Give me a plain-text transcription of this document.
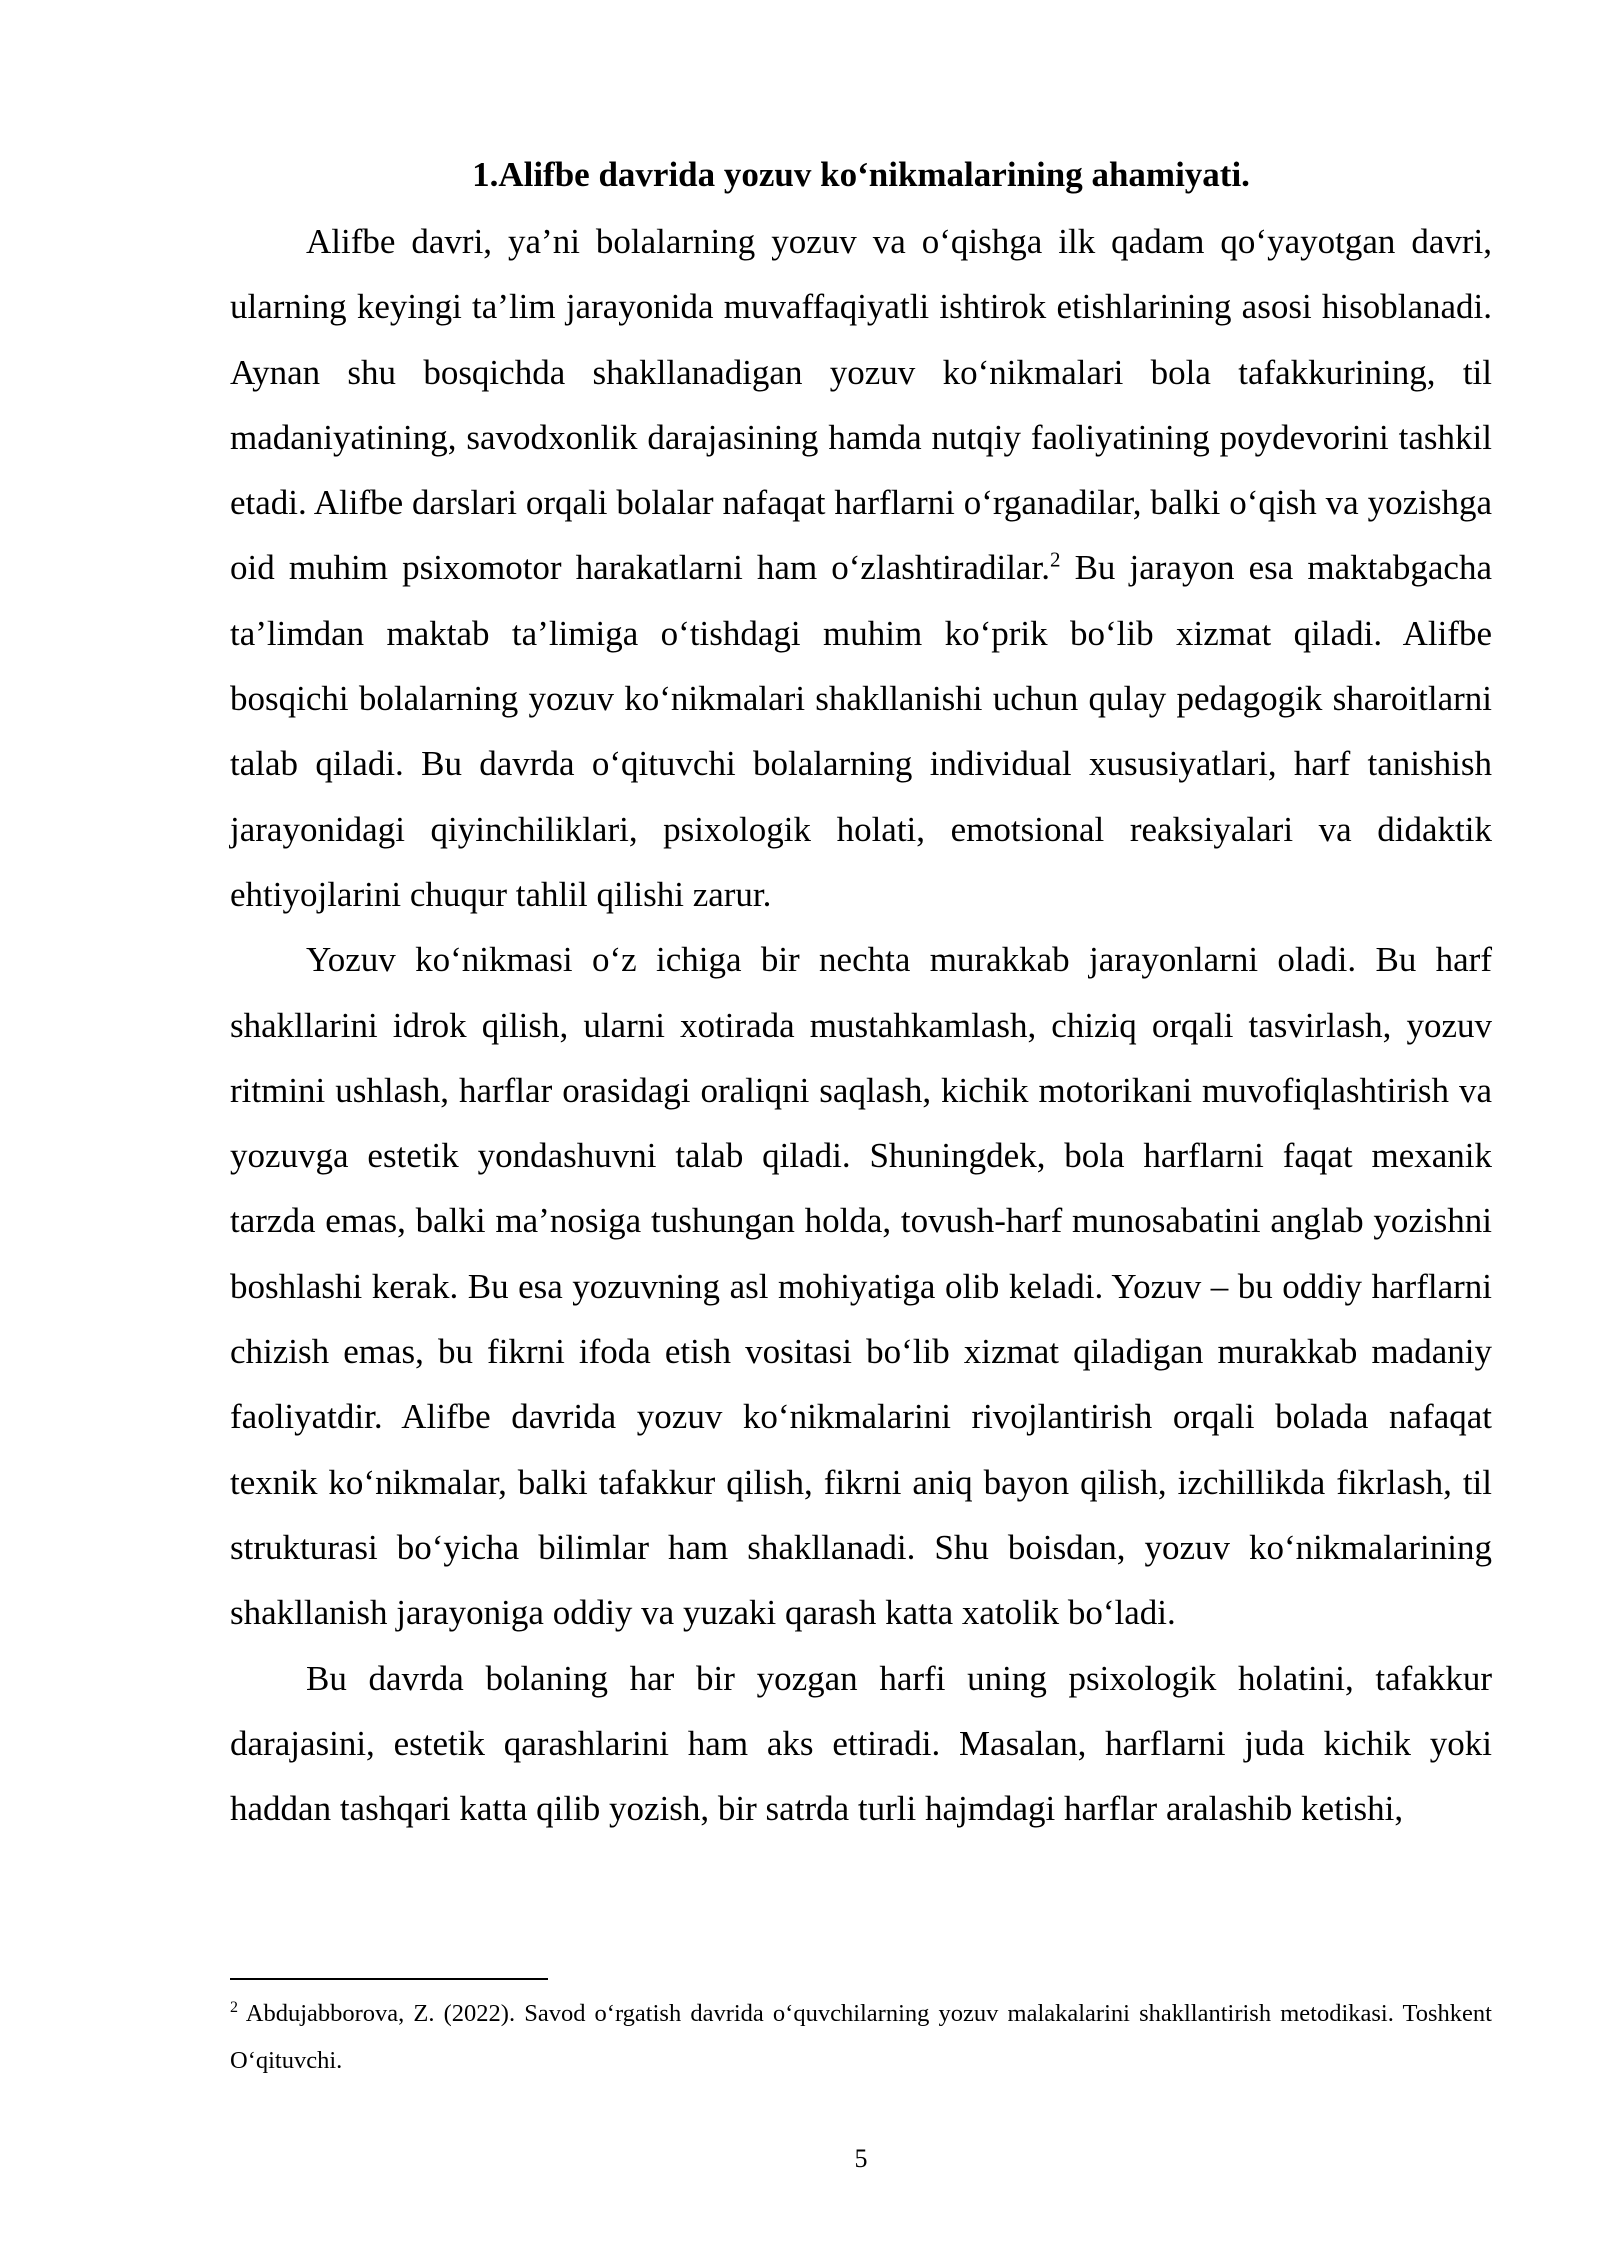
1.Alifbe davrida yozuv koʻnikmalarining ahamiyati.

Alifbe davri, ya’ni bolalarning yozuv va oʻqishga ilk qadam qoʻyayotgan davri, ularning keyingi ta’lim jarayonida muvaffaqiyatli ishtirok etishlarining asosi hisoblanadi. Aynan shu bosqichda shakllanadigan yozuv koʻnikmalari bola tafakkurining, til madaniyatining, savodxonlik darajasining hamda nutqiy faoliyatining poydevorini tashkil etadi. Alifbe darslari orqali bolalar nafaqat harflarni oʻrganadilar, balki oʻqish va yozishga oid muhim psixomotor harakatlarni ham oʻzlashtiradilar.$^2$ Bu jarayon esa maktabgacha ta’limdan maktab ta’limiga oʻtishdagi muhim koʻprik boʻlib xizmat qiladi. Alifbe bosqichi bolalarning yozuv koʻnikmalari shakllanishi uchun qulay pedagogik sharoitlarni talab qiladi. Bu davrda oʻqituvchi bolalarning individual xususiyatlari, harf tanishish jarayonidagi qiyinchiliklari, psixologik holati, emotsional reaksiyalari va didaktik ehtiyojlarini chuqur tahlil qilishi zarur.

Yozuv koʻnikmasi oʻz ichiga bir nechta murakkab jarayonlarni oladi. Bu harf shakllarini idrok qilish, ularni xotirada mustahkamlash, chiziq orqali tasvirlash, yozuv ritmini ushlash, harflar orasidagi oraliqni saqlash, kichik motorikani muvofiqlashtirish va yozuvga estetik yondashuvni talab qiladi. Shuningdek, bola harflarni faqat mexanik tarzda emas, balki ma’nosiga tushungan holda, tovush-harf munosabatini anglab yozishni boshlashi kerak. Bu esa yozuvning asl mohiyatiga olib keladi. Yozuv – bu oddiy harflarni chizish emas, bu fikrni ifoda etish vositasi boʻlib xizmat qiladigan murakkab madaniy faoliyatdir. Alifbe davrida yozuv koʻnikmalarini rivojlantirish orqali bolada nafaqat texnik koʻnikmalar, balki tafakkur qilish, fikrni aniq bayon qilish, izchillikda fikrlash, til strukturasi boʻyicha bilimlar ham shakllanadi. Shu boisdan, yozuv koʻnikmalarining shakllanish jarayoniga oddiy va yuzaki qarash katta xatolik boʻladi.

Bu davrda bolaning har bir yozgan harfi uning psixologik holatini, tafakkur darajasini, estetik qarashlarini ham aks ettiradi. Masalan, harflarni juda kichik yoki haddan tashqari katta qilib yozish, bir satrda turli hajmdagi harflar aralashib ketishi,

$^2$ Abdujabborova, Z. (2022). Savod oʻrgatish davrida oʻquvchilarning yozuv malakalarini shakllantirish metodikasi. Toshkent Oʻqituvchi.

5
